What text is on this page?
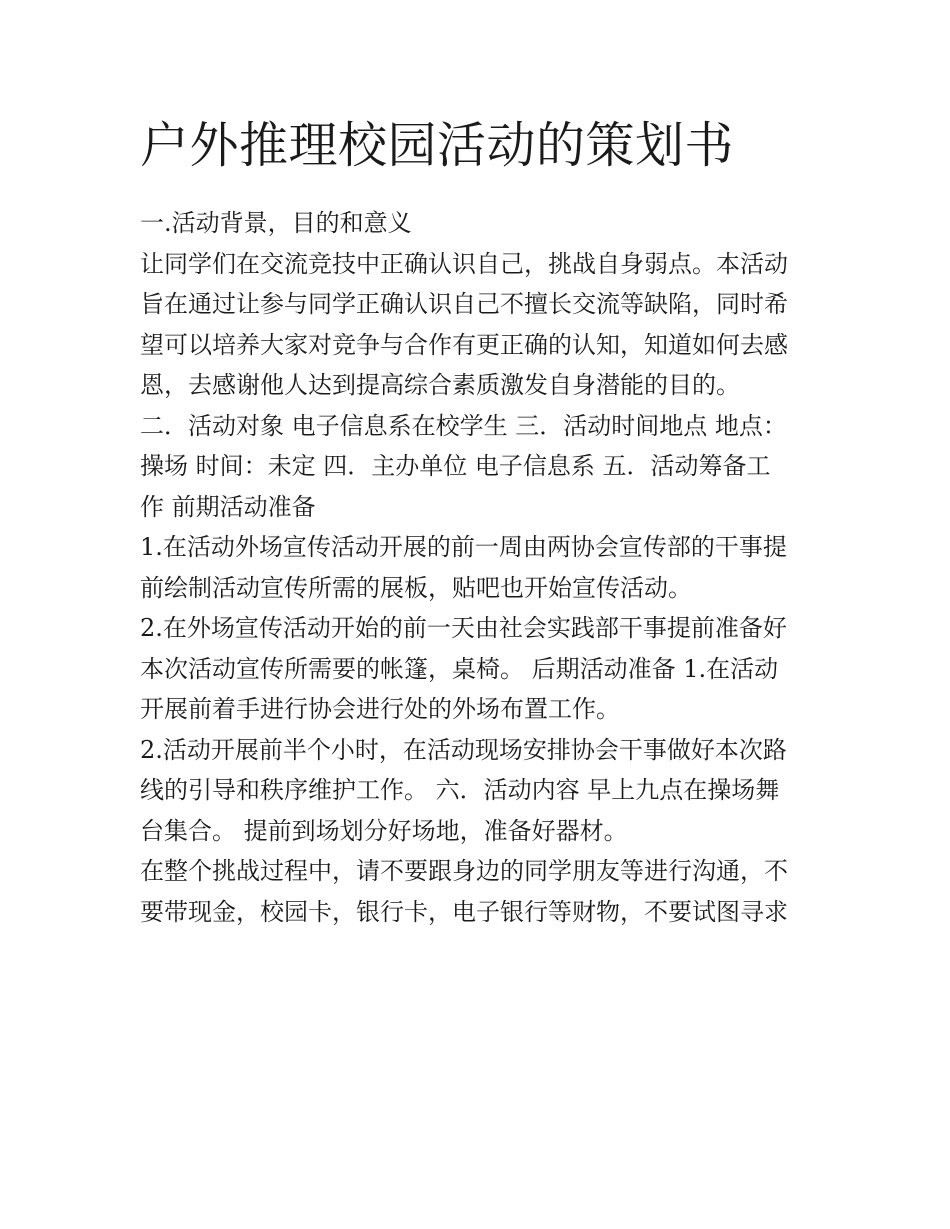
户外推理校园活动的策划书

一.活动背景，目的和意义

让同学们在交流竞技中正确认识自己，挑战自身弱点。本活动
旨在通过让参与同学正确认识自己不擅长交流等缺陷，同时希
望可以培养大家对竞争与合作有更正确的认知，知道如何去感
恩，去感谢他人达到提高综合素质激发自身潜能的目的。

二．活动对象 电子信息系在校学生 三．活动时间地点 地点：
操场 时间：未定 四．主办单位 电子信息系 五．活动筹备工
作 前期活动准备

1.在活动外场宣传活动开展的前一周由两协会宣传部的干事提
前绘制活动宣传所需的展板，贴吧也开始宣传活动。

2.在外场宣传活动开始的前一天由社会实践部干事提前准备好
本次活动宣传所需要的帐篷，桌椅。 后期活动准备 1.在活动
开展前着手进行协会进行处的外场布置工作。

2.活动开展前半个小时，在活动现场安排协会干事做好本次路
线的引导和秩序维护工作。 六．活动内容 早上九点在操场舞
台集合。 提前到场划分好场地，准备好器材。

在整个挑战过程中，请不要跟身边的同学朋友等进行沟通，不
要带现金，校园卡，银行卡，电子银行等财物，不要试图寻求
